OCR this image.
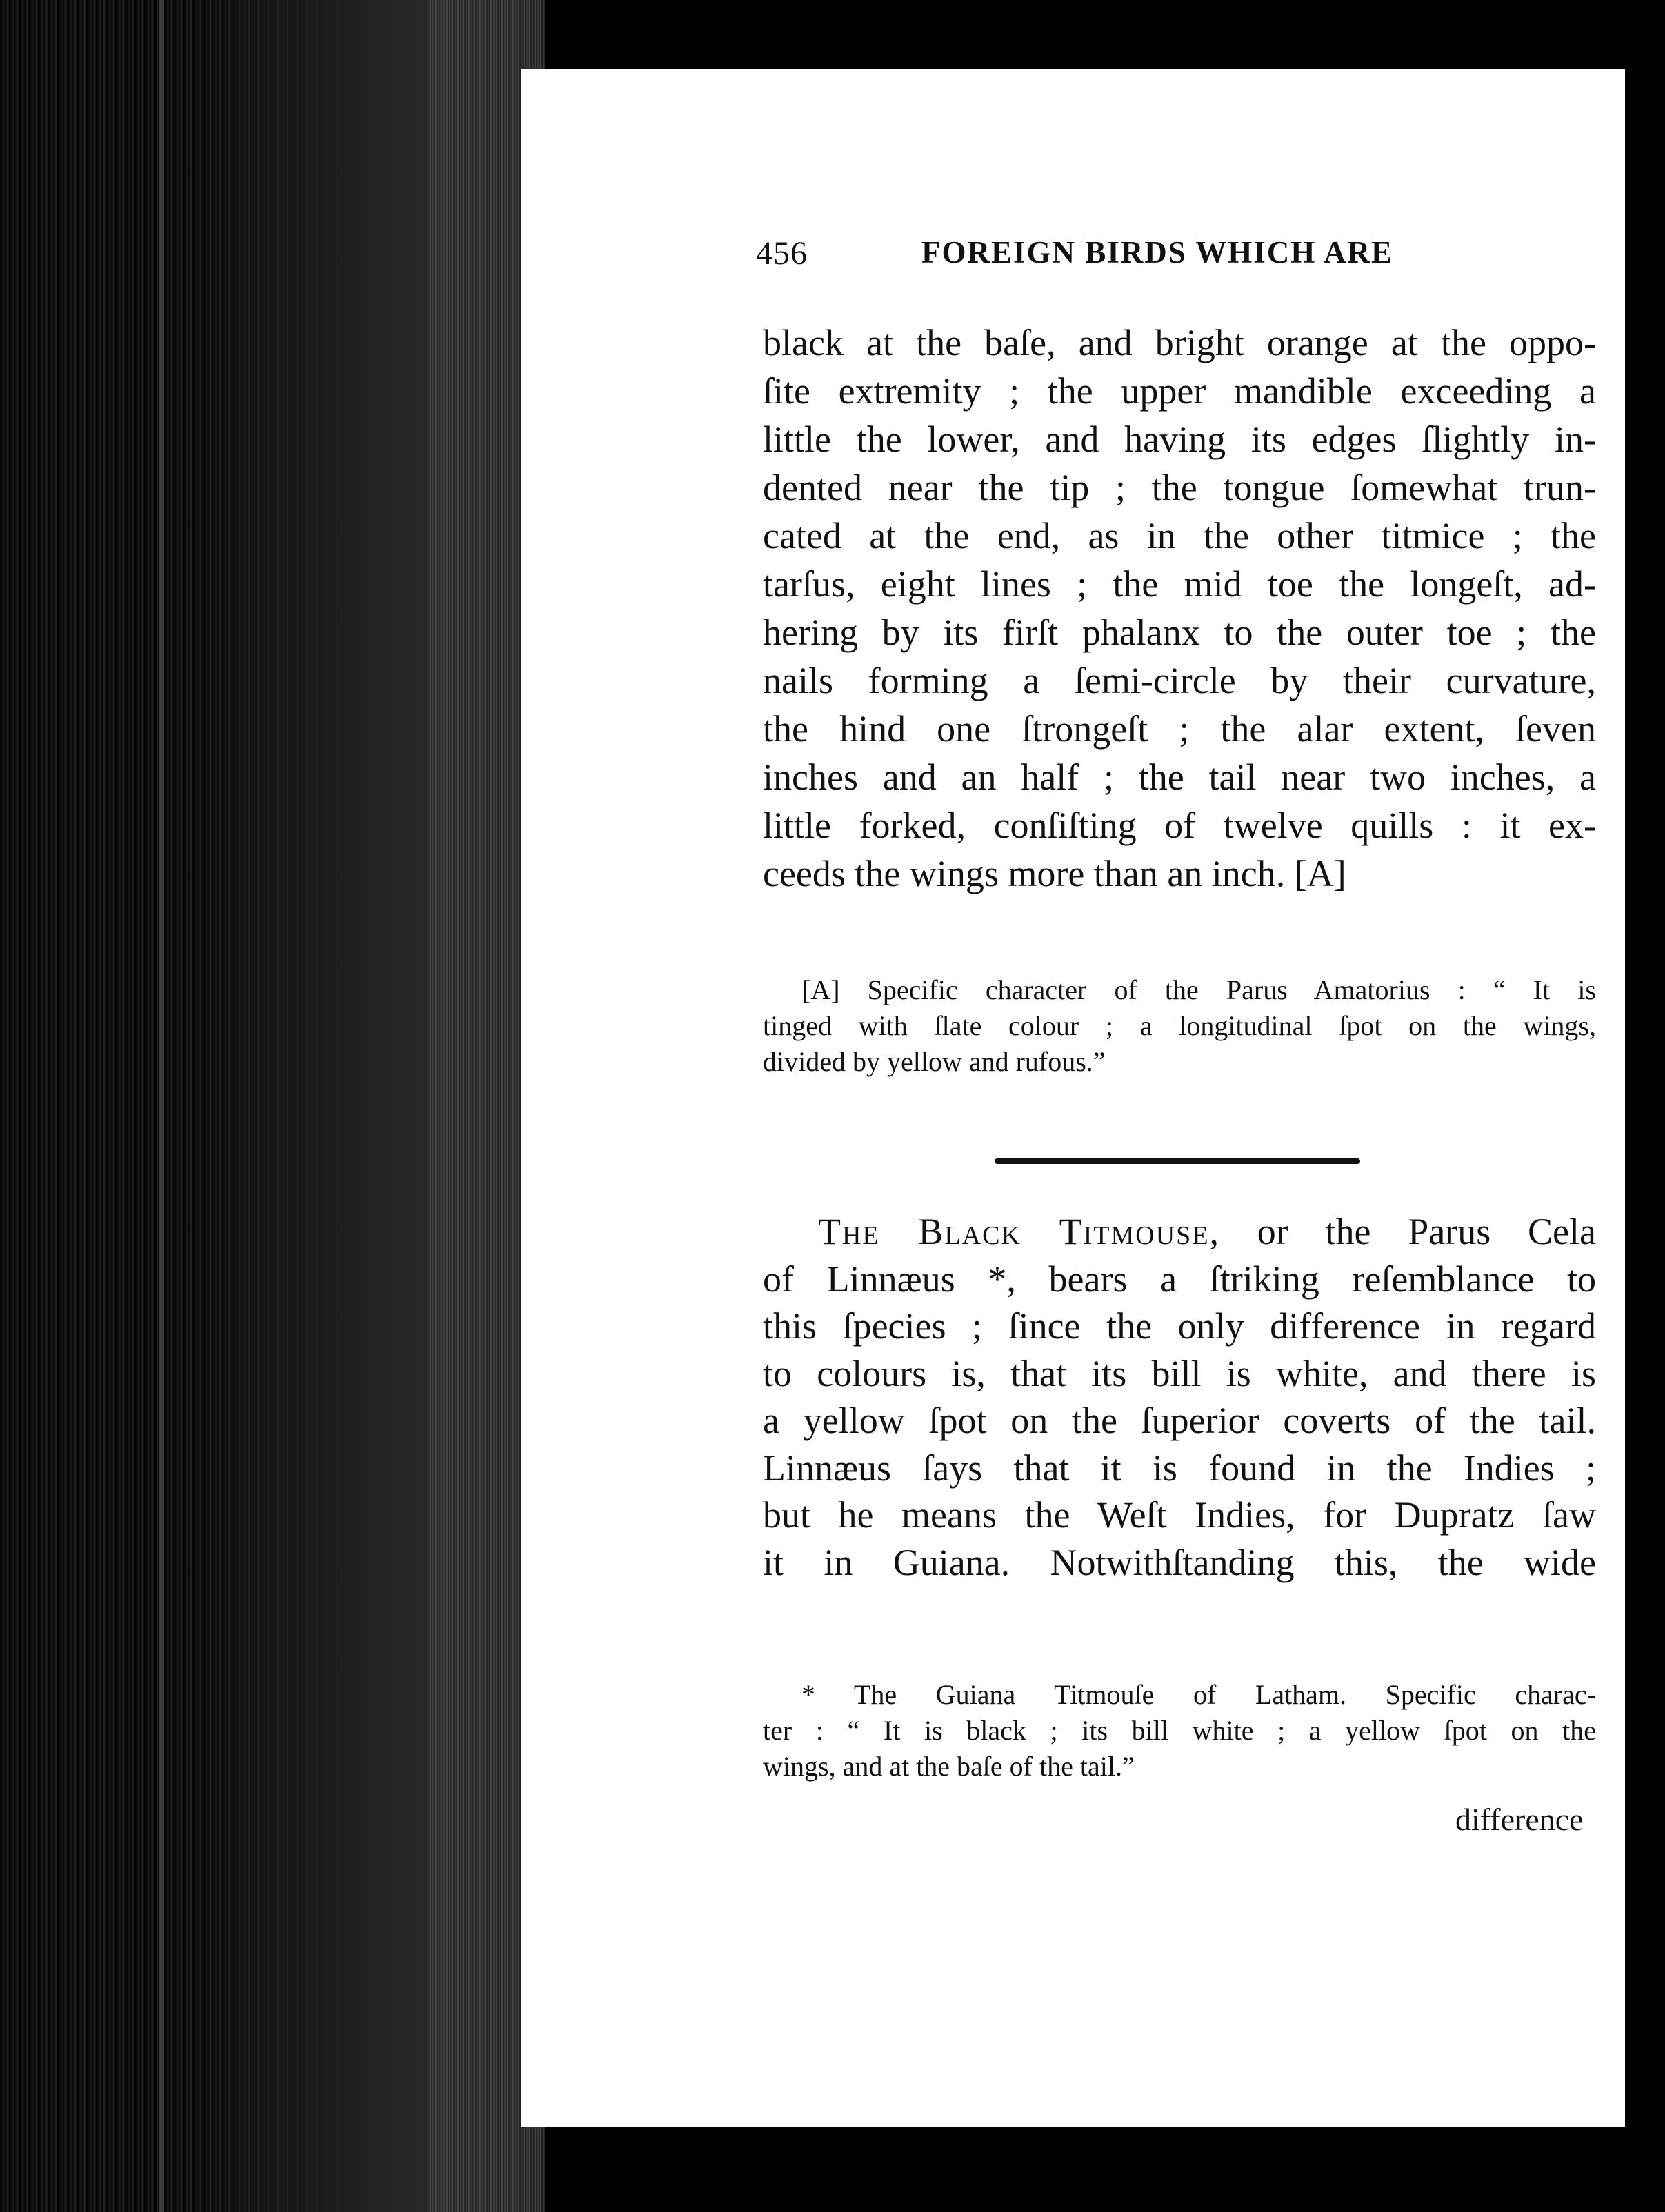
456	FOREIGN BIRDS WHICH ARE
black at the baſe, and bright orange at the oppo-
ſite extremity ; the upper mandible exceeding a
little the lower, and having its edges ſlightly in-
dented near the tip ; the tongue ſomewhat trun-
cated at the end, as in the other titmice ; the
tarſus, eight lines ; the mid toe the longeſt, ad-
hering by its firſt phalanx to the outer toe ; the
nails forming a ſemi-circle by their curvature,
the hind one ſtrongeſt ; the alar extent, ſeven
inches and an half ; the tail near two inches, a
little forked, conſiſting of twelve quills : it ex-
ceeds the wings more than an inch. [A]
[A] Specific character of the Parus Amatorius : “ It is
tinged with ſlate colour ; a longitudinal ſpot on the wings,
divided by yellow and rufous.”
The Black Titmouse, or the Parus Cela
of Linnæus *, bears a ſtriking reſemblance to
this ſpecies ; ſince the only difference in regard
to colours is, that its bill is white, and there is
a yellow ſpot on the ſuperior coverts of the tail.
Linnæus ſays that it is found in the Indies ;
but he means the Weſt Indies, for Dupratz ſaw
it in Guiana. Notwithſtanding this, the wide
* The Guiana Titmouſe of Latham. Specific charac-
ter : “ It is black ; its bill white ; a yellow ſpot on the
wings, and at the baſe of the tail.”
difference
